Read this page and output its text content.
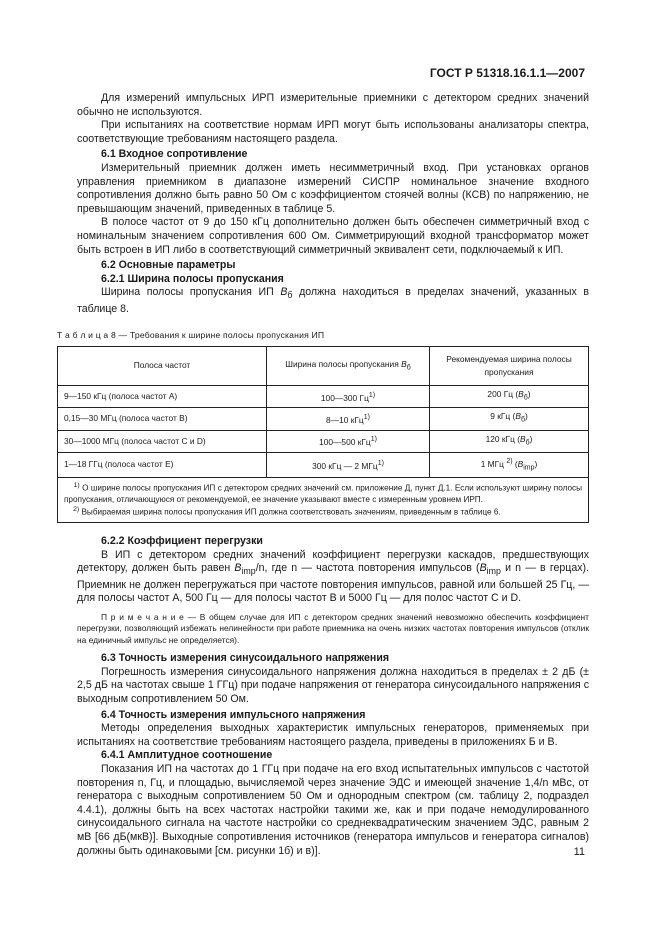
ГОСТ Р 51318.16.1.1—2007

Для измерений импульсных ИРП измерительные приемники с детектором средних значений обычно не используются.

При испытаниях на соответствие нормам ИРП могут быть использованы анализаторы спектра, соответствующие требованиям настоящего раздела.

6.1 Входное сопротивление

Измерительный приемник должен иметь несимметричный вход. При установках органов управления приемником в диапазоне измерений СИСПР номинальное значение входного сопротивления должно быть равно 50 Ом с коэффициентом стоячей волны (КСВ) по напряжению, не превышающим значений, приведенных в таблице 5.

В полосе частот от 9 до 150 кГц дополнительно должен быть обеспечен симметричный вход с номинальным значением сопротивления 600 Ом. Симметрирующий входной трансформатор может быть встроен в ИП либо в соответствующий симметричный эквивалент сети, подключаемый к ИП.

6.2 Основные параметры

6.2.1 Ширина полосы пропускания

Ширина полосы пропускания ИП $B_б$ должна находиться в пределах значений, указанных в таблице 8.

Т а б л и ц а 8 — Требования к ширине полосы пропускания ИП
Полоса частот	Ширина полосы пропускания $B_б$	Рекомендуемая ширина полосы пропускания
9—150 кГц (полоса частот А)	100—300 $Гц^{1)}$	200 Гц $(B_б)$
0,15—30 МГц (полоса частот В)	8—10 кГц$^{1)}$	9 кГц $(B_б)$
30—1000 МГц (полоса частот С и D)	100—500 кГц$^{1)}$	120 кГц $(B_б)$
1—18 ГГц (полоса частот Е)	300 кГц — 2 МГц$^{1)}$	1 МГц $^{2)}$ $(B_{imp})$

$^{1)}$ О ширине полосы пропускания ИП с детектором средних значений см. приложение Д, пункт Д.1. Если используют ширину полосы пропускания, отличающуюся от рекомендуемой, ее значение указывают вместе с измеренным уровнем ИРП.
$^{2)}$ Выбираемая ширина полосы пропускания ИП должна соответствовать значениям, приведенным в таблице 6.		

6.2.2 Коэффициент перегрузки

В ИП с детектором средних значений коэффициент перегрузки каскадов, предшествующих детектору, должен быть равен $B_{imp}/n$, где n — частота повторения импульсов ($B_{imp}$ и n — в герцах). Приемник не должен перегружаться при частоте повторения импульсов, равной или большей 25 Гц, — для полосы частот А, 500 Гц — для полосы частот В и 5000 Гц — для полос частот С и D.

П р и м е ч а н и е — В общем случае для ИП с детектором средних значений невозможно обеспечить коэффициент перегрузки, позволяющий избежать нелинейности при работе приемника на очень низких частотах повторения импульсов (отклик на единичный импульс не определяется).

6.3 Точность измерения синусоидального напряжения

Погрешность измерения синусоидального напряжения должна находиться в пределах ± 2 дБ (± 2,5 дБ на частотах свыше 1 ГГц) при подаче напряжения от генератора синусоидального напряжения с выходным сопротивлением 50 Ом.

6.4 Точность измерения импульсного напряжения

Методы определения выходных характеристик импульсных генераторов, применяемых при испытаниях на соответствие требованиям настоящего раздела, приведены в приложениях Б и В.

6.4.1 Амплитудное соотношение

Показания ИП на частотах до 1 ГГц при подаче на его вход испытательных импульсов с частотой повторения n, Гц, и площадью, вычисляемой через значение ЭДС и имеющей значение 1,4/n мВс, от генератора с выходным сопротивлением 50 Ом и однородным спектром (см. таблицу 2, подраздел 4.4.1), должны быть на всех частотах настройки такими же, как и при подаче немодулированного синусоидального сигнала на частоте настройки со среднеквадратическим значением ЭДС, равным 2 мВ [66 дБ(мкВ)]. Выходные сопротивления источников (генератора импульсов и генератора сигналов) должны быть одинаковыми [см. рисунки 1б) и в)].	11
